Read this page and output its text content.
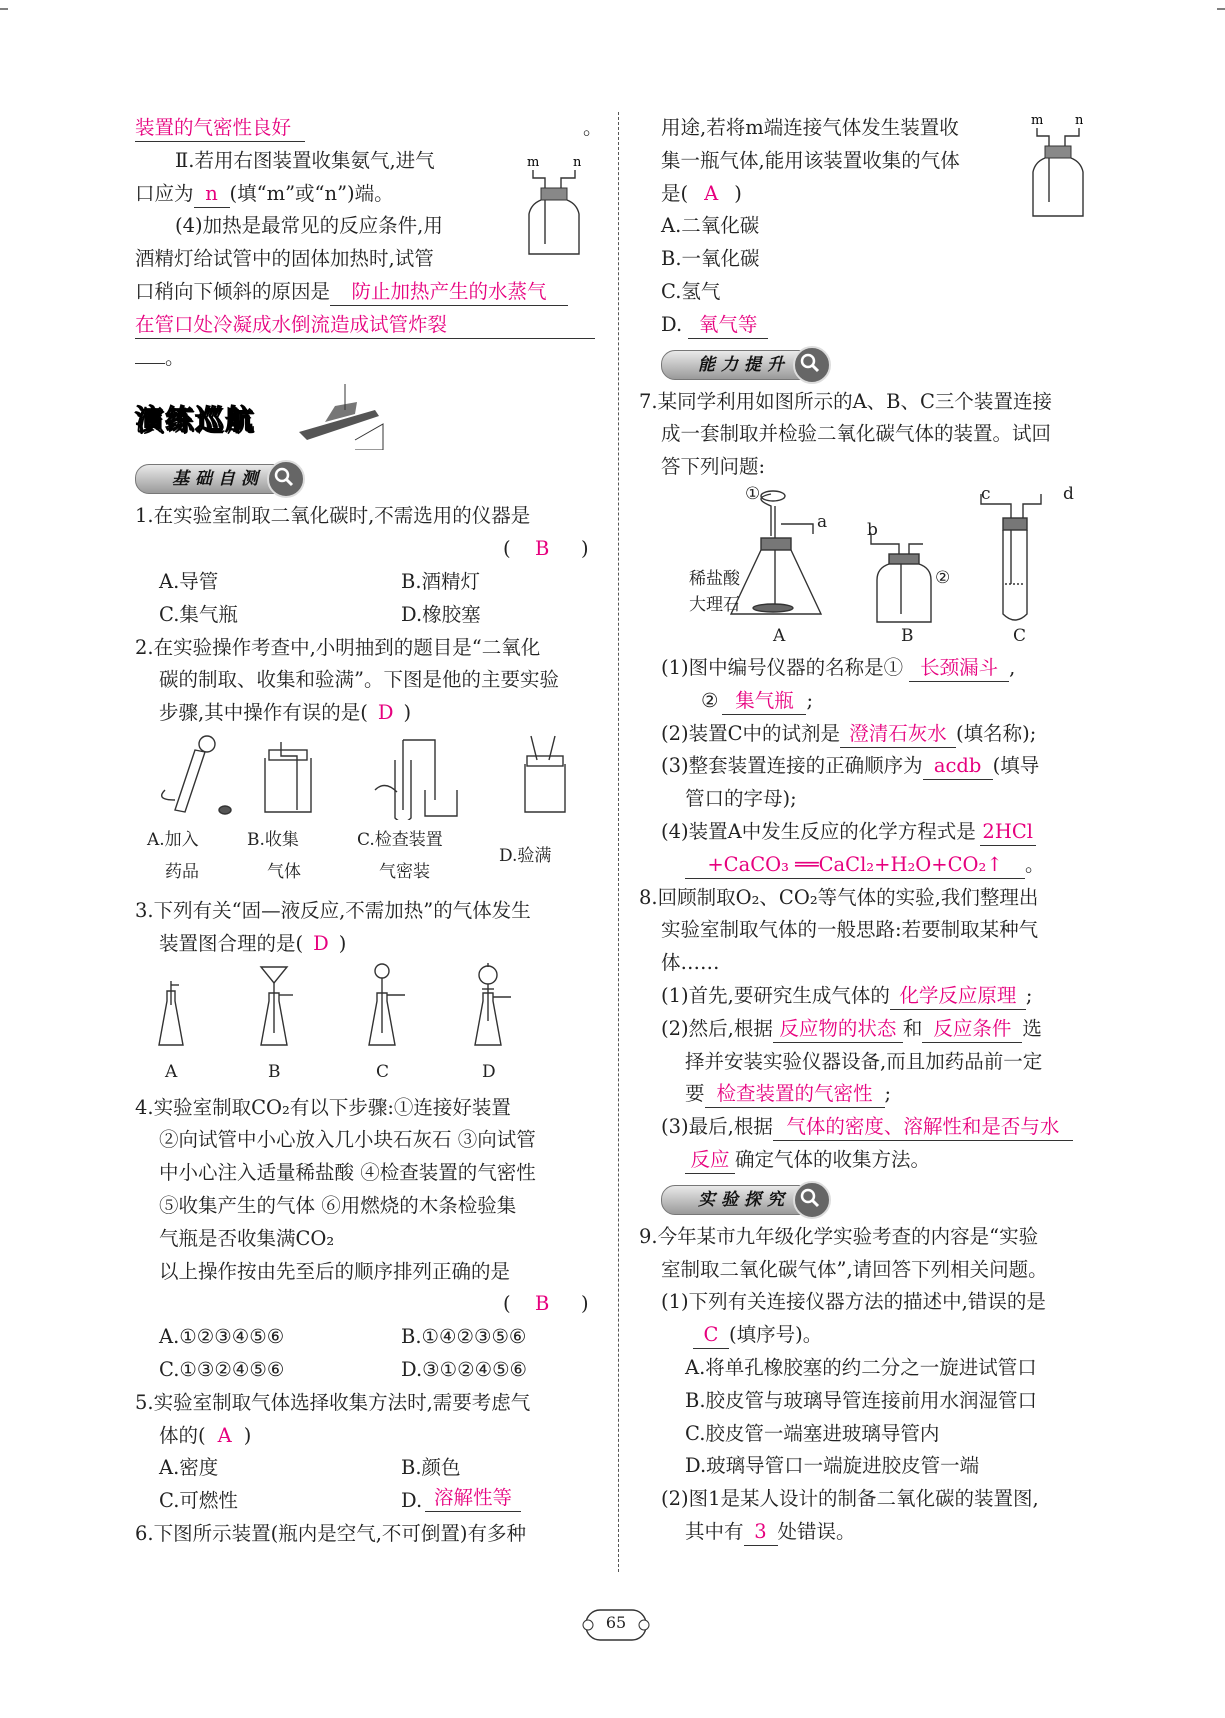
装置的气密性良好	。
Ⅱ.若用右图装置收集氨气,进气
口应为 n (填“m”或“n”)端。
(4)加热是最常见的反应条件,用
酒精灯给试管中的固体加热时,试管
口稍向下倾斜的原因是 防止加热产生的水蒸气
在管口处冷凝成水倒流造成试管炸裂
。
m	n
演练巡航
基础自测
1.在实验室制取二氧化碳时,不需选用的仪器是
( B )
A.导管	B.酒精灯
C.集气瓶	D.橡胶塞
2.在实验操作考查中,小明抽到的题目是“二氧化
碳的制取、收集和验满”。下图是他的主要实验
步骤,其中操作有误的是( D )
A.加入
药品
B.收集
气体
C.检查装置
气密装
D.验满
3.下列有关“固—液反应,不需加热”的气体发生
装置图合理的是( D )
A	B	C	D
4.实验室制取CO₂有以下步骤:①连接好装置
②向试管中小心放入几小块石灰石 ③向试管
中小心注入适量稀盐酸 ④检查装置的气密性
⑤收集产生的气体 ⑥用燃烧的木条检验集
气瓶是否收集满CO₂
以上操作按由先至后的顺序排列正确的是
( B )
A.①②③④⑤⑥	B.①④②③⑤⑥
C.①③②④⑤⑥	D.③①②④⑤⑥
5.实验室制取气体选择收集方法时,需要考虑气
体的( A )
A.密度	B.颜色
C.可燃性	D. 溶解性等
6.下图所示装置(瓶内是空气,不可倒置)有多种
用途,若将m端连接气体发生装置收
集一瓶气体,能用该装置收集的气体
是( A )
A.二氧化碳
B.一氧化碳
C.氢气
D. 氧气等
m n
能力提升
7.某同学利用如图所示的A、B、C三个装置连接
成一套制取并检验二氧化碳气体的装置。试回
答下列问题:
①
a b
②
c	d
稀盐酸
大理石
A	B	C
(1)图中编号仪器的名称是① 长颈漏斗 ,
② 集气瓶 ;
(2)装置C中的试剂是 澄清石灰水 (填名称);
(3)整套装置连接的正确顺序为 acdb (填导
管口的字母);
(4)装置A中发生反应的化学方程式是 2HCl
+CaCO₃ ══CaCl₂+H₂O+CO₂↑ 。
8.回顾制取O₂、CO₂等气体的实验,我们整理出
实验室制取气体的一般思路:若要制取某种气
体……
(1)首先,要研究生成气体的 化学反应原理 ;
(2)然后,根据 反应物的状态 和 反应条件 选
择并安装实验仪器设备,而且加药品前一定
要 检查装置的气密性 ;
(3)最后,根据 气体的密度、溶解性和是否与水
反应 确定气体的收集方法。
实验探究
9.今年某市九年级化学实验考查的内容是“实验
室制取二氧化碳气体”,请回答下列相关问题。
(1)下列有关连接仪器方法的描述中,错误的是
C (填序号)。
A.将单孔橡胶塞的约二分之一旋进试管口
B.胶皮管与玻璃导管连接前用水润湿管口
C.胶皮管一端塞进玻璃导管内
D.玻璃导管口一端旋进胶皮管一端
(2)图1是某人设计的制备二氧化碳的装置图,
其中有 3 处错误。
65
